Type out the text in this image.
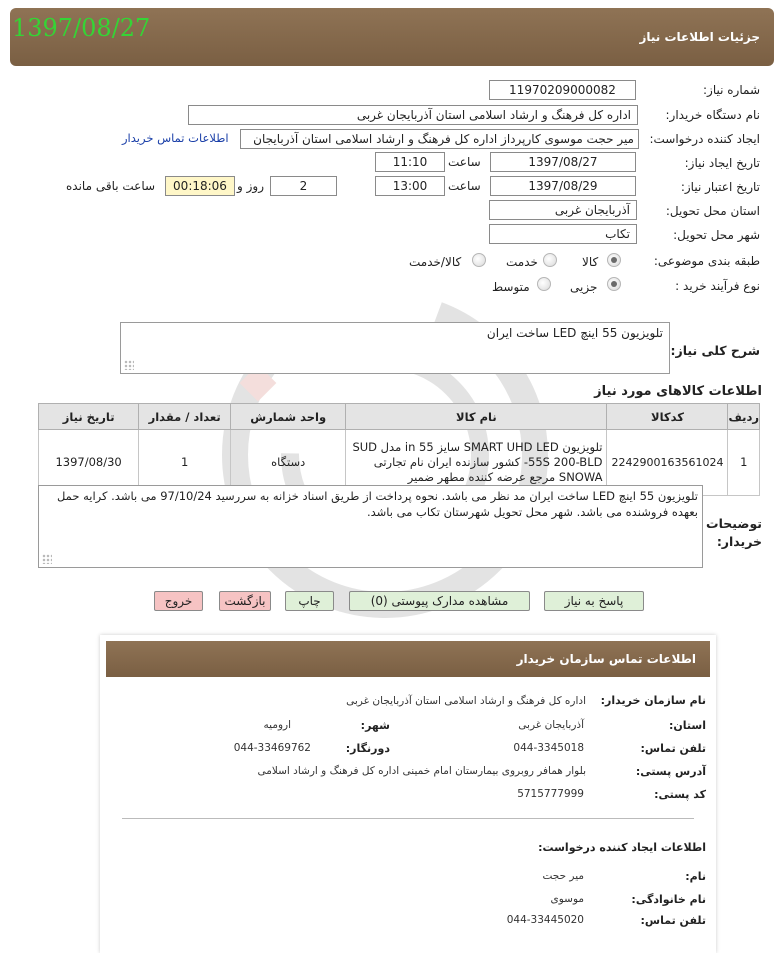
جزئیات اطلاعات نیاز
1397/08/27
شماره نیاز:
11970209000082
نام دستگاه خریدار:
اداره کل فرهنگ و ارشاد اسلامی استان آذربایجان غربی
ایجاد کننده درخواست:
میر حجت موسوی کارپرداز اداره کل فرهنگ و ارشاد اسلامی استان آذربایجان
اطلاعات تماس خریدار
تاریخ ایجاد نیاز:
1397/08/27
ساعت
11:10
تاریخ اعتبار نیاز:
1397/08/29
ساعت
13:00
2
روز و
00:18:06
ساعت باقی مانده
استان محل تحویل:
آذربایجان غربی
شهر محل تحویل:
تکاب
طبقه بندی موضوعی:
کالا
خدمت
کالا/خدمت
نوع فرآیند خرید :
جزیی
متوسط
شرح کلی نیاز:
تلویزیون 55 اینچ LED ساخت ایران
اطلاعات کالاهای مورد نیاز
ردیف	کدکالا	نام کالا	واحد شمارش	تعداد / مقدار	تاریخ نیاز
1	2242900163561024	تلویزیون SMART UHD LED سایز 55 in مدل SUD -55S 200-BLD کشور سازنده ایران نام تجارتی SNOWA مرجع عرضه کننده مطهر ضمیر	دستگاه	1	1397/08/30
توضیحات خریدار:
تلویزیون 55 اینچ LED ساخت ایران مد نظر می باشد. نحوه پرداخت از طریق اسناد خزانه به سررسید 97/10/24 می باشد. کرایه حمل بعهده فروشنده می باشد. شهر محل تحویل شهرستان تکاب می باشد.
پاسخ به نیاز
مشاهده مدارک پیوستی (0)
چاپ
بازگشت
خروج
اطلاعات تماس سازمان خریدار
نام سازمان خریدار:
اداره کل فرهنگ و ارشاد اسلامی استان آذربایجان غربی
استان:
آذربایجان غربی
شهر:
ارومیه
تلفن تماس:
044-3345018
دورنگار:
044-33469762
آدرس پستی:
بلوار همافر روبروی بیمارستان امام خمینی اداره کل فرهنگ و ارشاد اسلامی
کد پستی:
5715777999
اطلاعات ایجاد کننده درخواست:
نام:
میر حجت
نام خانوادگی:
موسوی
تلفن تماس:
044-33445020
